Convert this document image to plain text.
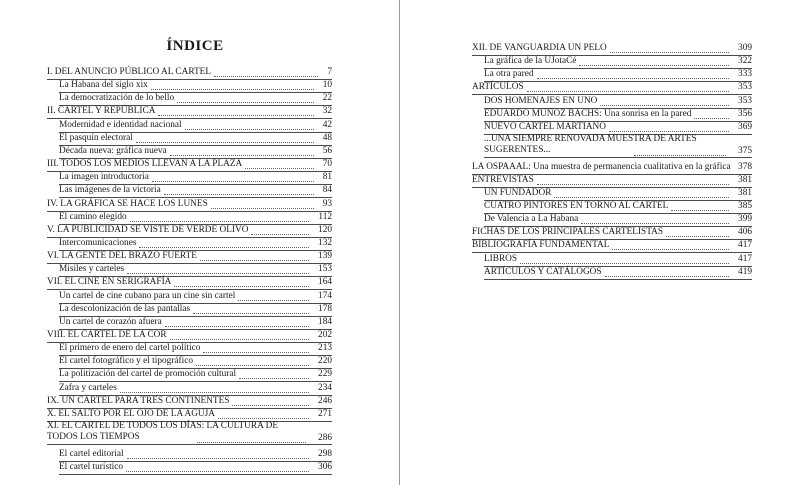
ÍNDICE
I. DEL ANUNCIO PÚBLICO AL CARTEL	7
La Habana del siglo xix	10
La democratización de lo bello	22
II. CARTEL Y REPÚBLICA	32
Modernidad e identidad nacional	42
El pasquín electoral	48
Década nueva: gráfica nueva	56
III. TODOS LOS MEDIOS LLEVAN A LA PLAZA	70
La imagen introductoria	81
Las imágenes de la victoria	84
IV. LA GRÁFICA SE HACE LOS LUNES	93
El camino elegido	112
V. LA PUBLICIDAD SE VISTE DE VERDE OLIVO	120
Intercomunicaciones	132
VI. LA GENTE DEL BRAZO FUERTE	139
Misiles y carteles	153
VII. EL CINE EN SERIGRAFÍA	164
Un cartel de cine cubano para un cine sin cartel	174
La descolonización de las pantallas	178
Un cartel de corazón afuera	184
VIII. EL CARTEL DE LA COR	202
El primero de enero del cartel político	213
El cartel fotográfico y el tipográfico	220
La politización del cartel de promoción cultural	229
Zafra y carteles	234
IX. UN CARTEL PARA TRES CONTINENTES	246
X. EL SALTO POR EL OJO DE LA AGUJA	271
XI. EL CARTEL DE TODOS LOS DÍAS: LA CULTURA DE TODOS LOS TIEMPOS	286
El cartel editorial	298
El cartel turístico	306
XII. DE VANGUARDIA UN PELO	309
La gráfica de la UJotaCé	322
La otra pared	333
ARTÍCULOS	353
DOS HOMENAJES EN UNO	353
EDUARDO MUÑOZ BACHS: Una sonrisa en la pared	356
NUEVO CARTEL MARTIANO	369
...UNA SIEMPRE RENOVADA MUESTRA DE ARTES SUGERENTES...	375
LA OSPAAAL: Una muestra de permanencia cualitativa en la gráfica 378
ENTREVISTAS	381
UN FUNDADOR	381
CUATRO PINTORES EN TORNO AL CARTEL	385
De Valencia a La Habana	399
FICHAS DE LOS PRINCIPALES CARTELISTAS	406
BIBLIOGRAFÍA FUNDAMENTAL	417
LIBROS	417
ARTÍCULOS Y CATÁLOGOS	419
